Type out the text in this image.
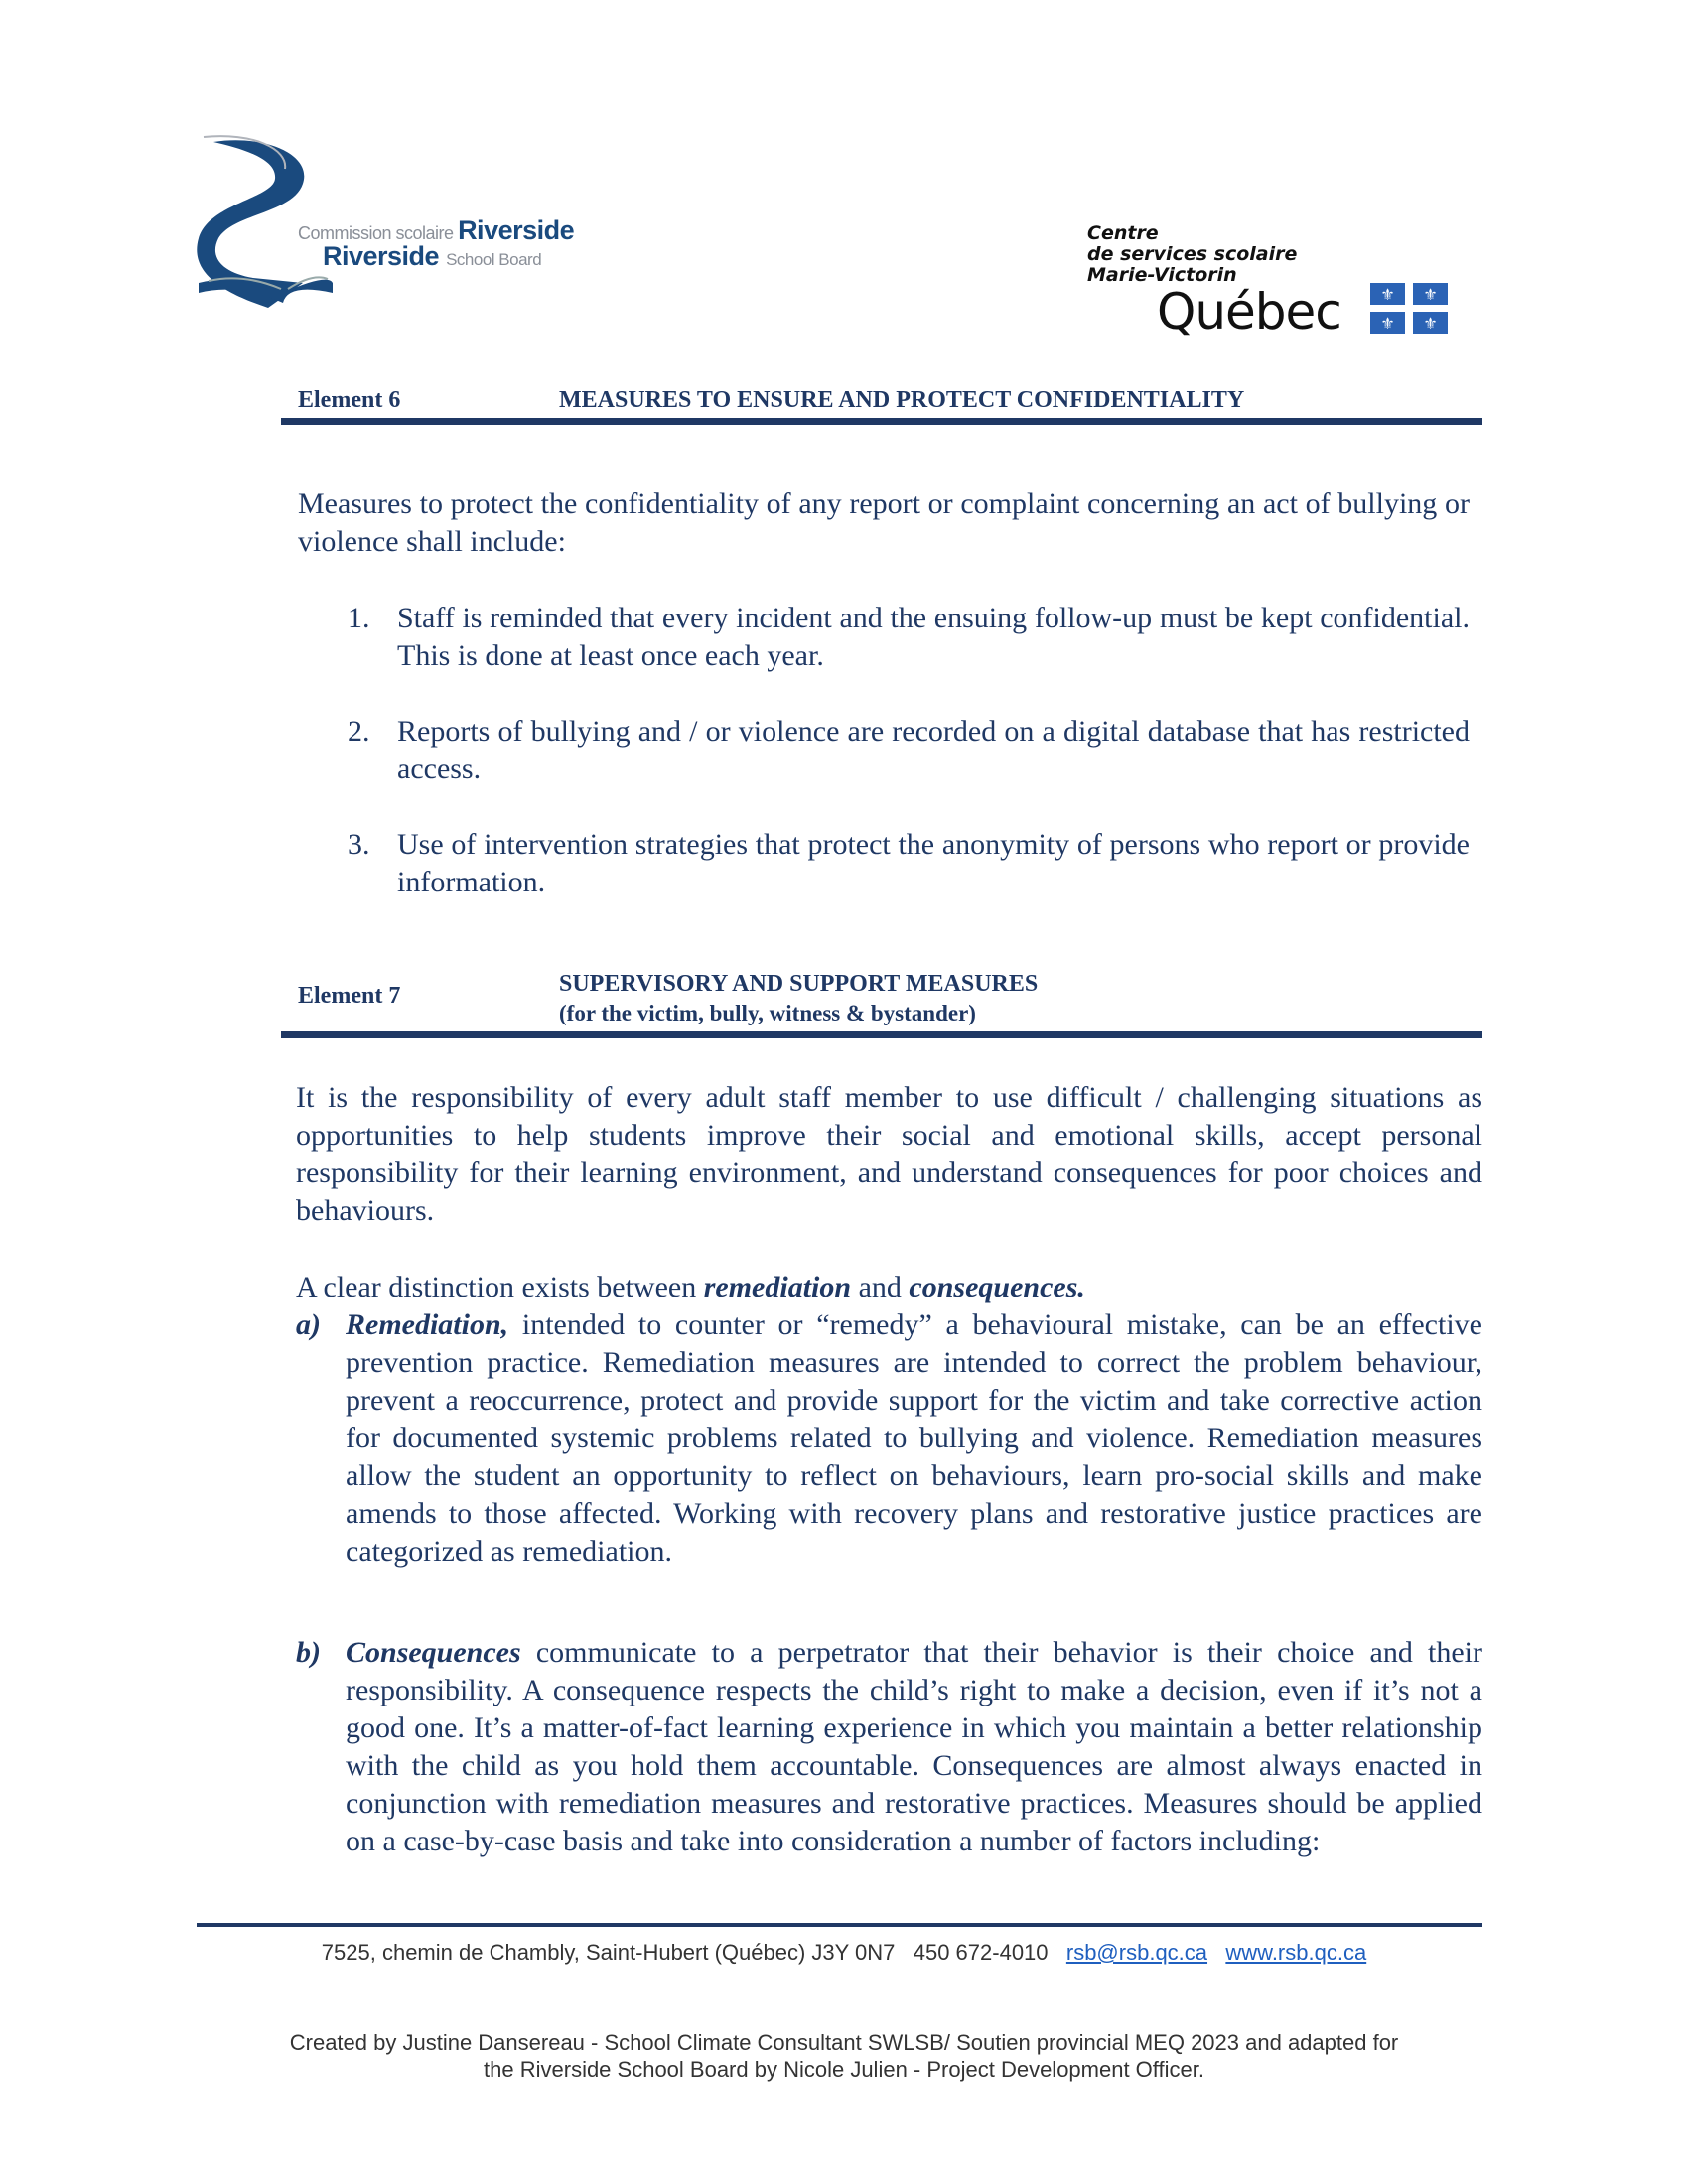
Commission scolaire Riverside
Riverside School Board
Centre
de services scolaire
Marie-Victorin
Québec ⚜ ⚜
⚜ ⚜
Element 6	MEASURES TO ENSURE AND PROTECT CONFIDENTIALITY
Measures to protect the confidentiality of any report or complaint concerning an act of bullying or violence shall include:
1. Staff is reminded that every incident and the ensuing follow-up must be kept confidential. This is done at least once each year.
2. Reports of bullying and / or violence are recorded on a digital database that has restricted access.
3. Use of intervention strategies that protect the anonymity of persons who report or provide information.
Element 7	SUPERVISORY AND SUPPORT MEASURES
(for the victim, bully, witness & bystander)
It is the responsibility of every adult staff member to use difficult / challenging situations as opportunities to help students improve their social and emotional skills, accept personal responsibility for their learning environment, and understand consequences for poor choices and behaviours.
A clear distinction exists between remediation and consequences.
a) Remediation, intended to counter or “remedy” a behavioural mistake, can be an effective prevention practice. Remediation measures are intended to correct the problem behaviour, prevent a reoccurrence, protect and provide support for the victim and take corrective action for documented systemic problems related to bullying and violence. Remediation measures allow the student an opportunity to reflect on behaviours, learn pro-social skills and make amends to those affected. Working with recovery plans and restorative justice practices are categorized as remediation.
b) Consequences communicate to a perpetrator that their behavior is their choice and their responsibility. A consequence respects the child’s right to make a decision, even if it’s not a good one. It’s a matter-of-fact learning experience in which you maintain a better relationship with the child as you hold them accountable. Consequences are almost always enacted in conjunction with remediation measures and restorative practices. Measures should be applied on a case-by-case basis and take into consideration a number of factors including:
7525, chemin de Chambly, Saint-Hubert (Québec) J3Y 0N7   450 672-4010 rsb@rsb.qc.ca www.rsb.qc.ca
Created by Justine Dansereau - School Climate Consultant SWLSB/ Soutien provincial MEQ 2023 and adapted for
the Riverside School Board by Nicole Julien - Project Development Officer.
